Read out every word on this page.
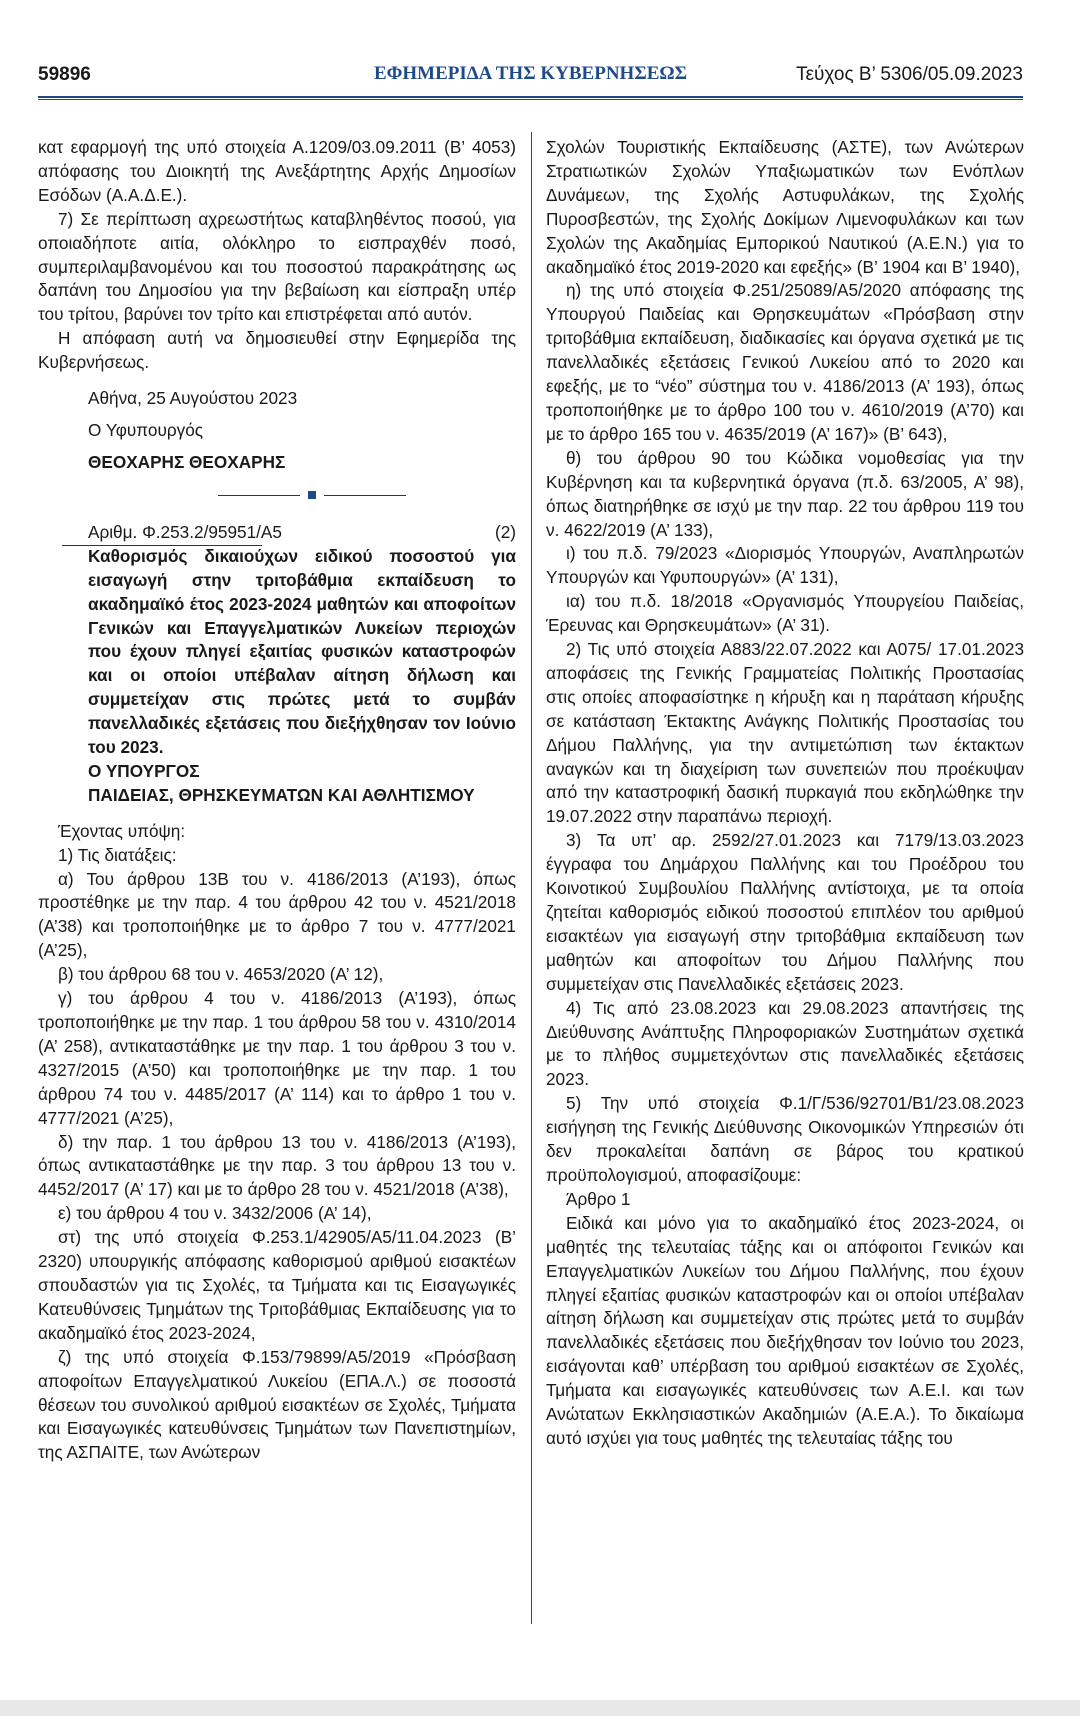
59896	ΕΦΗΜΕΡΙΔΑ ΤΗΣ ΚΥΒΕΡΝΗΣΕΩΣ	Τεύχος Β’ 5306/05.09.2023

κατ εφαρμογή της υπό στοιχεία Α.1209/03.09.2011 (Β’ 4053) απόφασης του Διοικητή της Ανεξάρτητης Αρχής Δημοσίων Εσόδων (Α.Α.Δ.Ε.).

7) Σε περίπτωση αχρεωστήτως καταβληθέντος ποσού, για οποιαδήποτε αιτία, ολόκληρο το εισπραχθέν ποσό, συμπεριλαμβανομένου και του ποσοστού παρακράτησης ως δαπάνη του Δημοσίου για την βεβαίωση και είσπραξη υπέρ του τρίτου, βαρύνει τον τρίτο και επιστρέφεται από αυτόν.

Η απόφαση αυτή να δημοσιευθεί στην Εφημερίδα της Κυβερνήσεως.

Αθήνα, 25 Αυγούστου 2023

Ο Υφυπουργός

ΘΕΟΧΑΡΗΣ ΘΕΟΧΑΡΗΣ

Αριθμ. Φ.253.2/95951/Α5	(2)

Καθορισμός δικαιούχων ειδικού ποσοστού για εισαγωγή στην τριτοβάθμια εκπαίδευση το ακαδημαϊκό έτος 2023-2024 μαθητών και αποφοίτων Γενικών και Επαγγελματικών Λυκείων περιοχών που έχουν πληγεί εξαιτίας φυσικών καταστροφών και οι οποίοι υπέβαλαν αίτηση δήλωση και συμμετείχαν στις πρώτες μετά το συμβάν πανελλαδικές εξετάσεις που διεξήχθησαν τον Ιούνιο του 2023.

Ο ΥΠΟΥΡΓΟΣ
ΠΑΙΔΕΙΑΣ, ΘΡΗΣΚΕΥΜΑΤΩΝ ΚΑΙ ΑΘΛΗΤΙΣΜΟΥ

Έχοντας υπόψη:

1) Τις διατάξεις:

α) Του άρθρου 13Β του ν. 4186/2013 (Α’193), όπως προστέθηκε με την παρ. 4 του άρθρου 42 του ν. 4521/2018 (Α’38) και τροποποιήθηκε με το άρθρο 7 του ν. 4777/2021 (Α’25),

β) του άρθρου 68 του ν. 4653/2020 (Α’ 12),

γ) του άρθρου 4 του ν. 4186/2013 (Α’193), όπως τροποποιήθηκε με την παρ. 1 του άρθρου 58 του ν. 4310/2014 (Α’ 258), αντικαταστάθηκε με την παρ. 1 του άρθρου 3 του ν. 4327/2015 (Α’50) και τροποποιήθηκε με την παρ. 1 του άρθρου 74 του ν. 4485/2017 (Α’ 114) και το άρθρο 1 του ν. 4777/2021 (Α’25),

δ) την παρ. 1 του άρθρου 13 του ν. 4186/2013 (Α’193), όπως αντικαταστάθηκε με την παρ. 3 του άρθρου 13 του ν. 4452/2017 (Α’ 17) και με το άρθρο 28 του ν. 4521/2018 (Α’38),

ε) του άρθρου 4 του ν. 3432/2006 (Α’ 14),

στ) της υπό στοιχεία Φ.253.1/42905/Α5/11.04.2023 (Β’ 2320) υπουργικής απόφασης καθορισμού αριθμού εισακτέων σπουδαστών για τις Σχολές, τα Τμήματα και τις Εισαγωγικές Κατευθύνσεις Τμημάτων της Τριτοβάθμιας Εκπαίδευσης για το ακαδημαϊκό έτος 2023-2024,

ζ) της υπό στοιχεία Φ.153/79899/Α5/2019 «Πρόσβαση αποφοίτων Επαγγελματικού Λυκείου (ΕΠΑ.Λ.) σε ποσοστά θέσεων του συνολικού αριθμού εισακτέων σε Σχολές, Τμήματα και Εισαγωγικές κατευθύνσεις Τμημάτων των Πανεπιστημίων, της ΑΣΠΑΙΤΕ, των Ανώτερων

Σχολών Τουριστικής Εκπαίδευσης (ΑΣΤΕ), των Ανώτερων Στρατιωτικών Σχολών Υπαξιωματικών των Ενόπλων Δυνάμεων, της Σχολής Αστυφυλάκων, της Σχολής Πυροσβεστών, της Σχολής Δοκίμων Λιμενοφυλάκων και των Σχολών της Ακαδημίας Εμπορικού Ναυτικού (Α.Ε.Ν.) για το ακαδημαϊκό έτος 2019-2020 και εφεξής» (Β’ 1904 και Β’ 1940),

η) της υπό στοιχεία Φ.251/25089/Α5/2020 απόφασης της Υπουργού Παιδείας και Θρησκευμάτων «Πρόσβαση στην τριτοβάθμια εκπαίδευση, διαδικασίες και όργανα σχετικά με τις πανελλαδικές εξετάσεις Γενικού Λυκείου από το 2020 και εφεξής, με το “νέο” σύστημα του ν. 4186/2013 (Α’ 193), όπως τροποποιήθηκε με το άρθρο 100 του ν. 4610/2019 (Α’70) και με το άρθρο 165 του ν. 4635/2019 (Α’ 167)» (Β’ 643),

θ) του άρθρου 90 του Κώδικα νομοθεσίας για την Κυβέρνηση και τα κυβερνητικά όργανα (π.δ. 63/2005, Α’ 98), όπως διατηρήθηκε σε ισχύ με την παρ. 22 του άρθρου 119 του ν. 4622/2019 (Α’ 133),

ι) του π.δ. 79/2023 «Διορισμός Υπουργών, Αναπληρωτών Υπουργών και Υφυπουργών» (Α’ 131),

ια) του π.δ. 18/2018 «Οργανισμός Υπουργείου Παιδείας, Έρευνας και Θρησκευμάτων» (Α’ 31).

2) Τις υπό στοιχεία Α883/22.07.2022 και Α075/ 17.01.2023 αποφάσεις της Γενικής Γραμματείας Πολιτικής Προστασίας στις οποίες αποφασίστηκε η κήρυξη και η παράταση κήρυξης σε κατάσταση Έκτακτης Ανάγκης Πολιτικής Προστασίας του Δήμου Παλλήνης, για την αντιμετώπιση των έκτακτων αναγκών και τη διαχείριση των συνεπειών που προέκυψαν από την καταστροφική δασική πυρκαγιά που εκδηλώθηκε την 19.07.2022 στην παραπάνω περιοχή.

3) Τα υπ’ αρ. 2592/27.01.2023 και 7179/13.03.2023 έγγραφα του Δημάρχου Παλλήνης και του Προέδρου του Κοινοτικού Συμβουλίου Παλλήνης αντίστοιχα, με τα οποία ζητείται καθορισμός ειδικού ποσοστού επιπλέον του αριθμού εισακτέων για εισαγωγή στην τριτοβάθμια εκπαίδευση των μαθητών και αποφοίτων του Δήμου Παλλήνης που συμμετείχαν στις Πανελλαδικές εξετάσεις 2023.

4) Τις από 23.08.2023 και 29.08.2023 απαντήσεις της Διεύθυνσης Ανάπτυξης Πληροφοριακών Συστημάτων σχετικά με το πλήθος συμμετεχόντων στις πανελλαδικές εξετάσεις 2023.

5) Την υπό στοιχεία Φ.1/Γ/536/92701/Β1/23.08.2023 εισήγηση της Γενικής Διεύθυνσης Οικονομικών Υπηρεσιών ότι δεν προκαλείται δαπάνη σε βάρος του κρατικού προϋπολογισμού, αποφασίζουμε:

Άρθρο 1

Ειδικά και μόνο για το ακαδημαϊκό έτος 2023-2024, οι μαθητές της τελευταίας τάξης και οι απόφοιτοι Γενικών και Επαγγελματικών Λυκείων του Δήμου Παλλήνης, που έχουν πληγεί εξαιτίας φυσικών καταστροφών και οι οποίοι υπέβαλαν αίτηση δήλωση και συμμετείχαν στις πρώτες μετά το συμβάν πανελλαδικές εξετάσεις που διεξήχθησαν τον Ιούνιο του 2023, εισάγονται καθ’ υπέρβαση του αριθμού εισακτέων σε Σχολές, Τμήματα και εισαγωγικές κατευθύνσεις των Α.Ε.Ι. και των Ανώτατων Εκκλησιαστικών Ακαδημιών (Α.Ε.Α.). Το δικαίωμα αυτό ισχύει για τους μαθητές της τελευταίας τάξης του
